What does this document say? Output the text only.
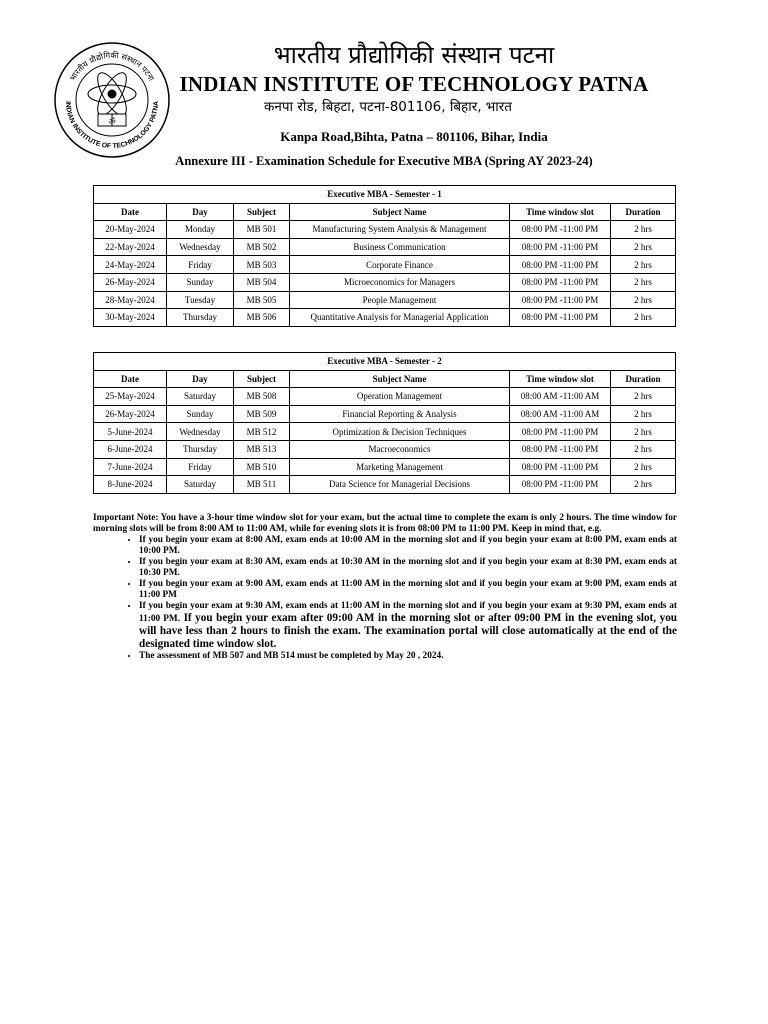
भारतीय प्रौद्योगिकी संस्थान पटना
INDIAN INSTITUTE OF TECHNOLOGY PATNA
ॐ
भारतीय प्रौद्योगिकी संस्थान पटना
INDIAN INSTITUTE OF TECHNOLOGY PATNA
कनपा रोड, बिहटा, पटना-801106, बिहार, भारत
Kanpa Road,Bihta, Patna – 801106, Bihar, India
Annexure III - Examination Schedule for Executive MBA (Spring AY 2023-24)
Executive MBA - Semester - 1					
Date	Day	Subject	Subject Name	Time window slot	Duration
20-May-2024	Monday	MB 501	Manufacturing System Analysis & Management	08:00 PM -11:00 PM	2 hrs
22-May-2024	Wednesday	MB 502	Business Communication	08:00 PM -11:00 PM	2 hrs
24-May-2024	Friday	MB 503	Corporate Finance	08:00 PM -11:00 PM	2 hrs
26-May-2024	Sunday	MB 504	Microeconomics for Managers	08:00 PM -11:00 PM	2 hrs
28-May-2024	Tuesday	MB 505	People Management	08:00 PM -11:00 PM	2 hrs
30-May-2024	Thursday	MB 506	Quantitative Analysis for Managerial Application	08:00 PM -11:00 PM	2 hrs
Executive MBA - Semester - 2					
Date	Day	Subject	Subject Name	Time window slot	Duration
25-May-2024	Saturday	MB 508	Operation Management	08:00 AM -11:00 AM	2 hrs
26-May-2024	Sunday	MB 509	Financial Reporting & Analysis	08:00 AM -11:00 AM	2 hrs
5-June-2024	Wednesday	MB 512	Optimization & Decision Techniques	08:00 PM -11:00 PM	2 hrs
6-June-2024	Thursday	MB 513	Macroeconomics	08:00 PM -11:00 PM	2 hrs
7-June-2024	Friday	MB 510	Marketing Management	08:00 PM -11:00 PM	2 hrs
8-June-2024	Saturday	MB 511	Data Science for Managerial Decisions	08:00 PM -11:00 PM	2 hrs
Important Note: You have a 3-hour time window slot for your exam, but the actual time to complete the exam is only 2 hours. The time window for morning slots will be from 8:00 AM to 11:00 AM, while for evening slots it is from 08:00 PM to 11:00 PM. Keep in mind that, e.g.
• If you begin your exam at 8:00 AM, exam ends at 10:00 AM in the morning slot and if you begin your exam at 8:00 PM, exam ends at 10:00 PM.
• If you begin your exam at 8:30 AM, exam ends at 10:30 AM in the morning slot and if you begin your exam at 8:30 PM, exam ends at 10:30 PM.
• If you begin your exam at 9:00 AM, exam ends at 11:00 AM in the morning slot and if you begin your exam at 9:00 PM, exam ends at 11:00 PM
• If you begin your exam at 9:30 AM, exam ends at 11:00 AM in the morning slot and if you begin your exam at 9:30 PM, exam ends at 11:00 PM. If you begin your exam after 09:00 AM in the morning slot or after 09:00 PM in the evening slot, you will have less than 2 hours to finish the exam. The examination portal will close automatically at the end of the designated time window slot.
• The assessment of MB 507 and MB 514 must be completed by May 20 , 2024.
